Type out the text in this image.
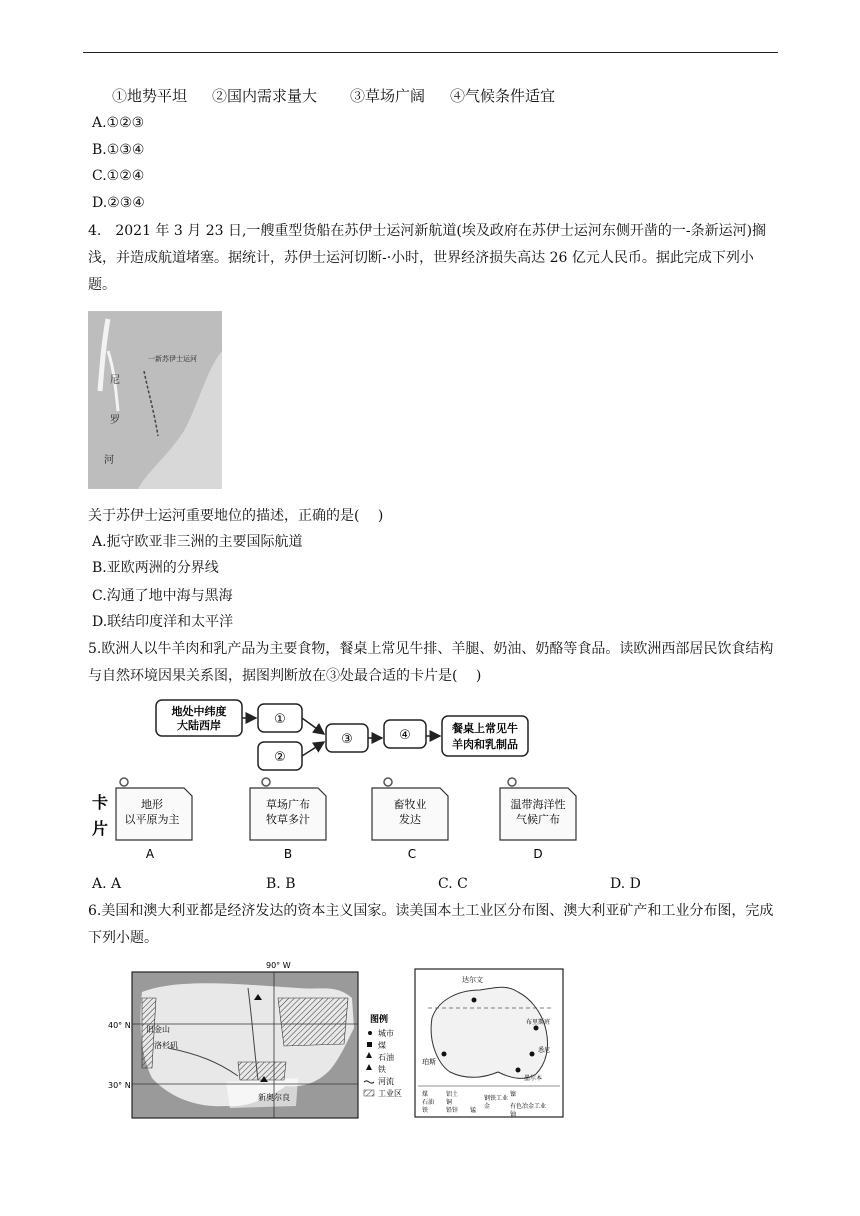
①地势平坦 ②国内需求量大 ③草场广阔 ④气候条件适宜
A.①②③
B.①③④
C.①②④
D.②③④
4.　2021 年 3 月 23 日,一艘重型货船在苏伊士运河新航道(埃及政府在苏伊士运河东侧开凿的一-条新运河)搁浅，并造成航道堵塞。据统计，苏伊士运河切断-·小时，世界经济损失高达 26 亿元人民币。据此完成下列小题。
一新苏伊士运河
尼
罗
河
关于苏伊士运河重要地位的描述，正确的是(　 )
A.扼守欧亚非三洲的主要国际航道
B.亚欧两洲的分界线
C.沟通了地中海与黑海
D.联结印度洋和太平洋
5.欧洲人以牛羊肉和乳产品为主要食物，餐桌上常见牛排、羊腿、奶油、奶酪等食品。读欧洲西部居民饮食结构与自然环境因果关系图，据图判断放在③处最合适的卡片是(　 )
地处中纬度
大陆西岸	①
②
③	④	餐桌上常见牛
羊肉和乳制品
卡
片
地形
以平原为主
A
草场广布
牧草多汁
B
畜牧业
发达
C
温带海洋性
气候广布
D
A. A	B. B	C. C	D. D
6.美国和澳大利亚都是经济发达的资本主义国家。读美国本土工业区分布图、澳大利亚矿产和工业分布图，完成下列小题。
90° W
40° N
30° N
旧金山
洛杉矶
新奥尔良
图例
城市
煤
石油
铁
河流
工业区
达尔文
珀斯
布里斯班
悉尼
墨尔本
煤	铝土
石油 铜
钢铁工业
铁	铅锌 锰
金	有色冶金工业
镍
铀
